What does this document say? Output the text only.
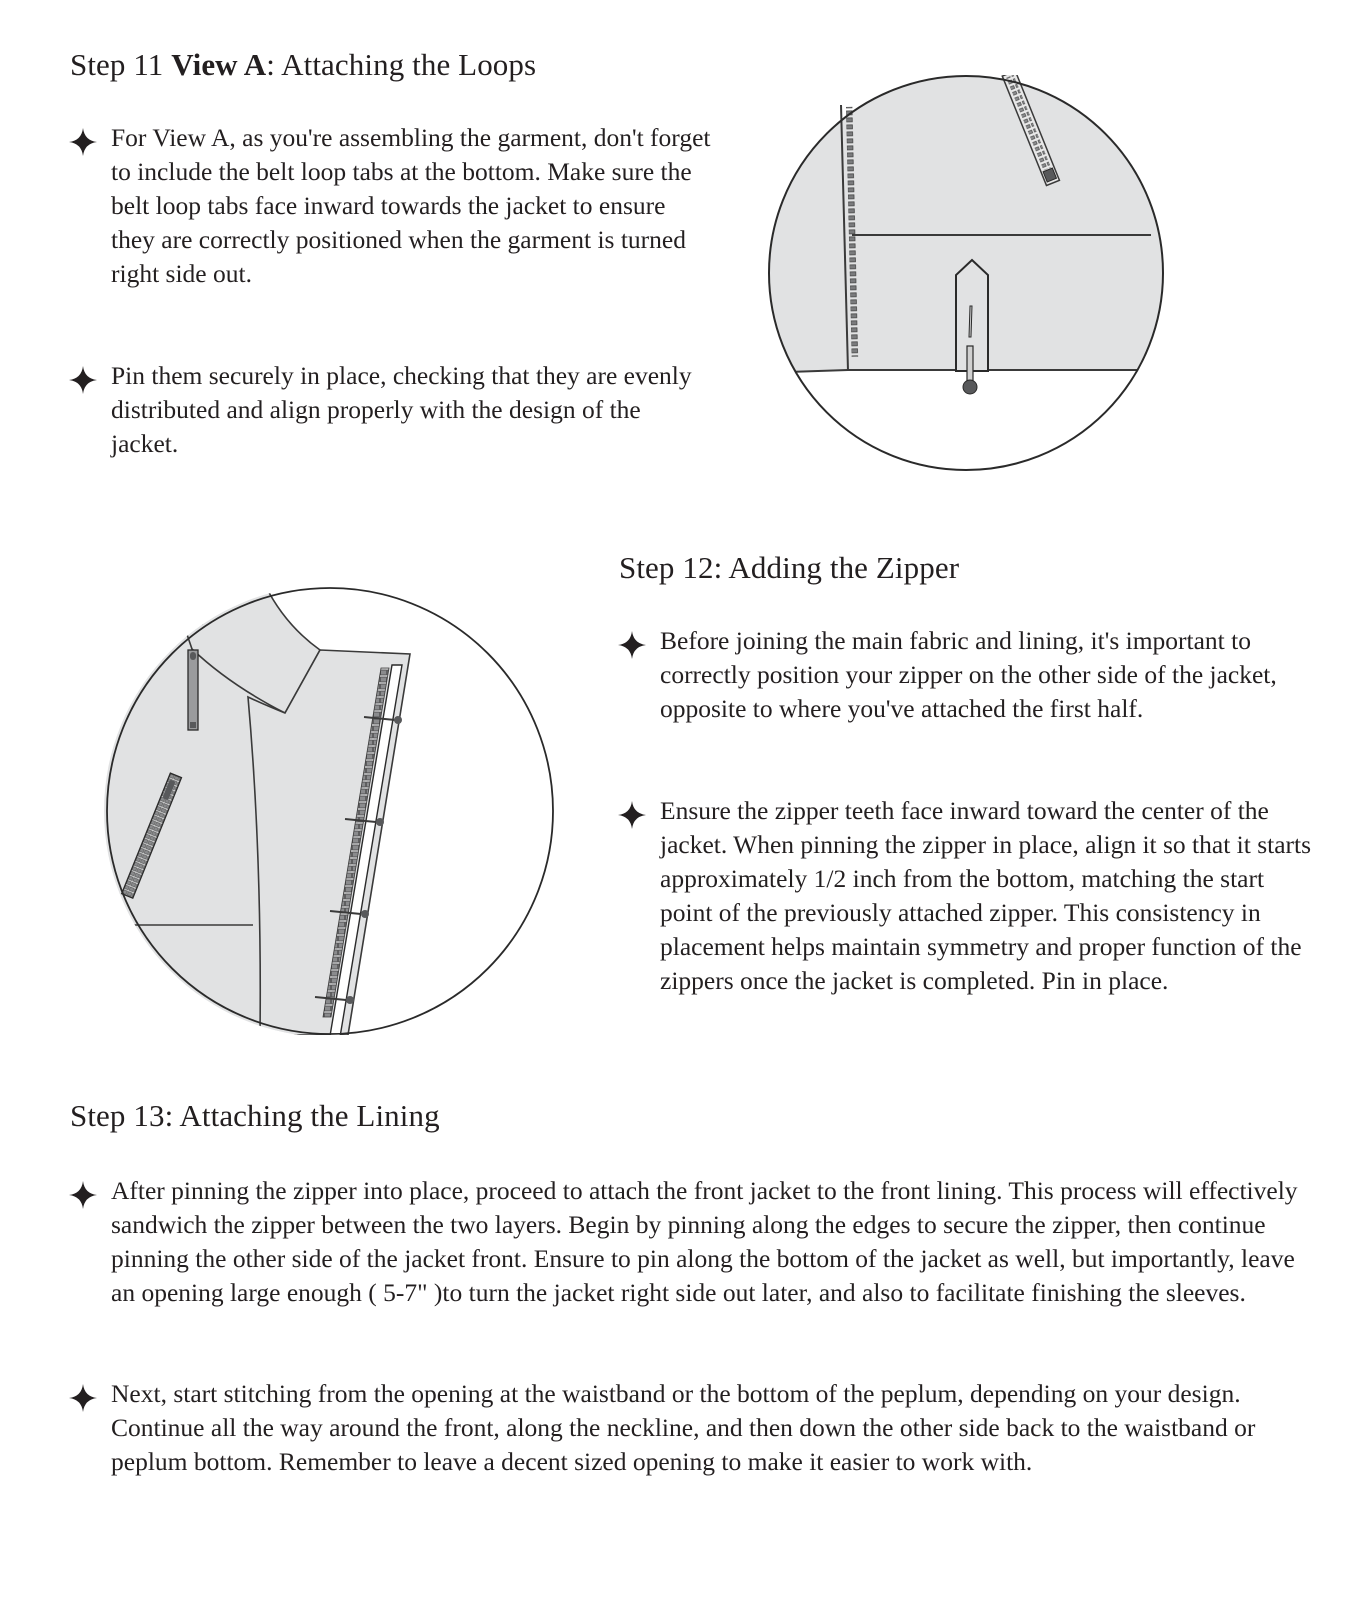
Step 11 View A: Attaching the Loops
For View A, as you're assembling the garment, don't forget to include the belt loop tabs at the bottom. Make sure the belt loop tabs face inward towards the jacket to ensure they are correctly positioned when the garment is turned right side out.
Pin them securely in place, checking that they are evenly distributed and align properly with the design of the jacket.
Step 12: Adding the Zipper
Before joining the main fabric and lining, it's important to correctly position your zipper on the other side of the jacket, opposite to where you've attached the first half.
Ensure the zipper teeth face inward toward the center of the jacket. When pinning the zipper in place, align it so that it starts approximately 1/2 inch from the bottom, matching the start point of the previously attached zipper. This consistency in placement helps maintain symmetry and proper function of the zippers once the jacket is completed. Pin in place.
Step 13: Attaching the Lining
After pinning the zipper into place, proceed to attach the front jacket to the front lining. This process will effectively sandwich the zipper between the two layers. Begin by pinning along the edges to secure the zipper, then continue pinning the other side of the jacket front. Ensure to pin along the bottom of the jacket as well, but importantly, leave an opening large enough ( 5-7" )to turn the jacket right side out later, and also to facilitate finishing the sleeves.
Next, start stitching from the opening at the waistband or the bottom of the peplum, depending on your design. Continue all the way around the front, along the neckline, and then down the other side back to the waistband or peplum bottom. Remember to leave a decent sized opening to make it easier to work with.
